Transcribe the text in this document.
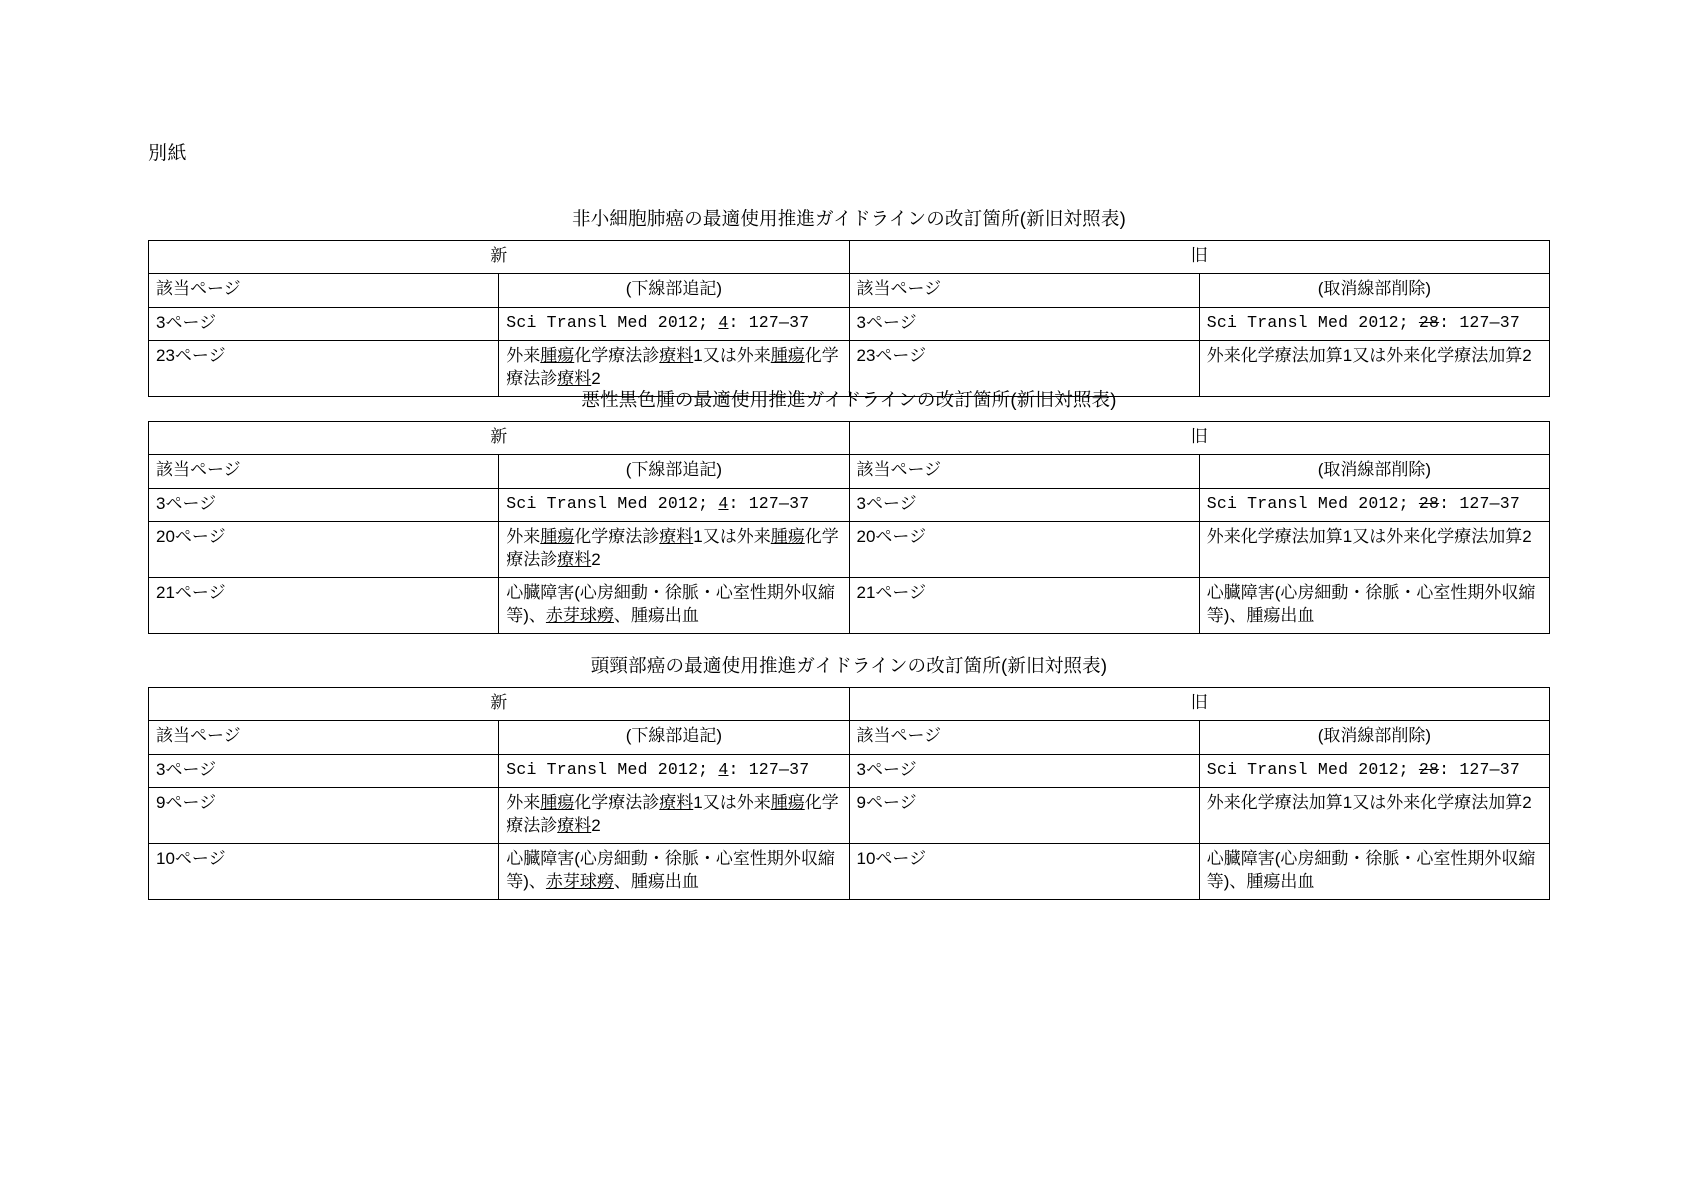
別紙
非小細胞肺癌の最適使用推進ガイドラインの改訂箇所(新旧対照表)
新		旧	
該当ページ	(下線部追記)	該当ページ	(取消線部削除)
3ページ	Sci Transl Med 2012; 4: 127—37	3ページ	Sci Transl Med 2012; 28: 127—37
23ページ	外来腫瘍化学療法診療料1又は外来腫瘍化学療法診療料2	23ページ	外来化学療法加算1又は外来化学療法加算2
悪性黒色腫の最適使用推進ガイドラインの改訂箇所(新旧対照表)
新		旧	
該当ページ	(下線部追記)	該当ページ	(取消線部削除)
3ページ	Sci Transl Med 2012; 4: 127—37	3ページ	Sci Transl Med 2012; 28: 127—37
20ページ	外来腫瘍化学療法診療料1又は外来腫瘍化学療法診療料2	20ページ	外来化学療法加算1又は外来化学療法加算2
21ページ	心臓障害(心房細動・徐脈・心室性期外収縮等)、赤芽球癆、腫瘍出血	21ページ	心臓障害(心房細動・徐脈・心室性期外収縮等)、腫瘍出血
頭頸部癌の最適使用推進ガイドラインの改訂箇所(新旧対照表)
新		旧	
該当ページ	(下線部追記)	該当ページ	(取消線部削除)
3ページ	Sci Transl Med 2012; 4: 127—37	3ページ	Sci Transl Med 2012; 28: 127—37
9ページ	外来腫瘍化学療法診療料1又は外来腫瘍化学療法診療料2	9ページ	外来化学療法加算1又は外来化学療法加算2
10ページ	心臓障害(心房細動・徐脈・心室性期外収縮等)、赤芽球癆、腫瘍出血	10ページ	心臓障害(心房細動・徐脈・心室性期外収縮等)、腫瘍出血
